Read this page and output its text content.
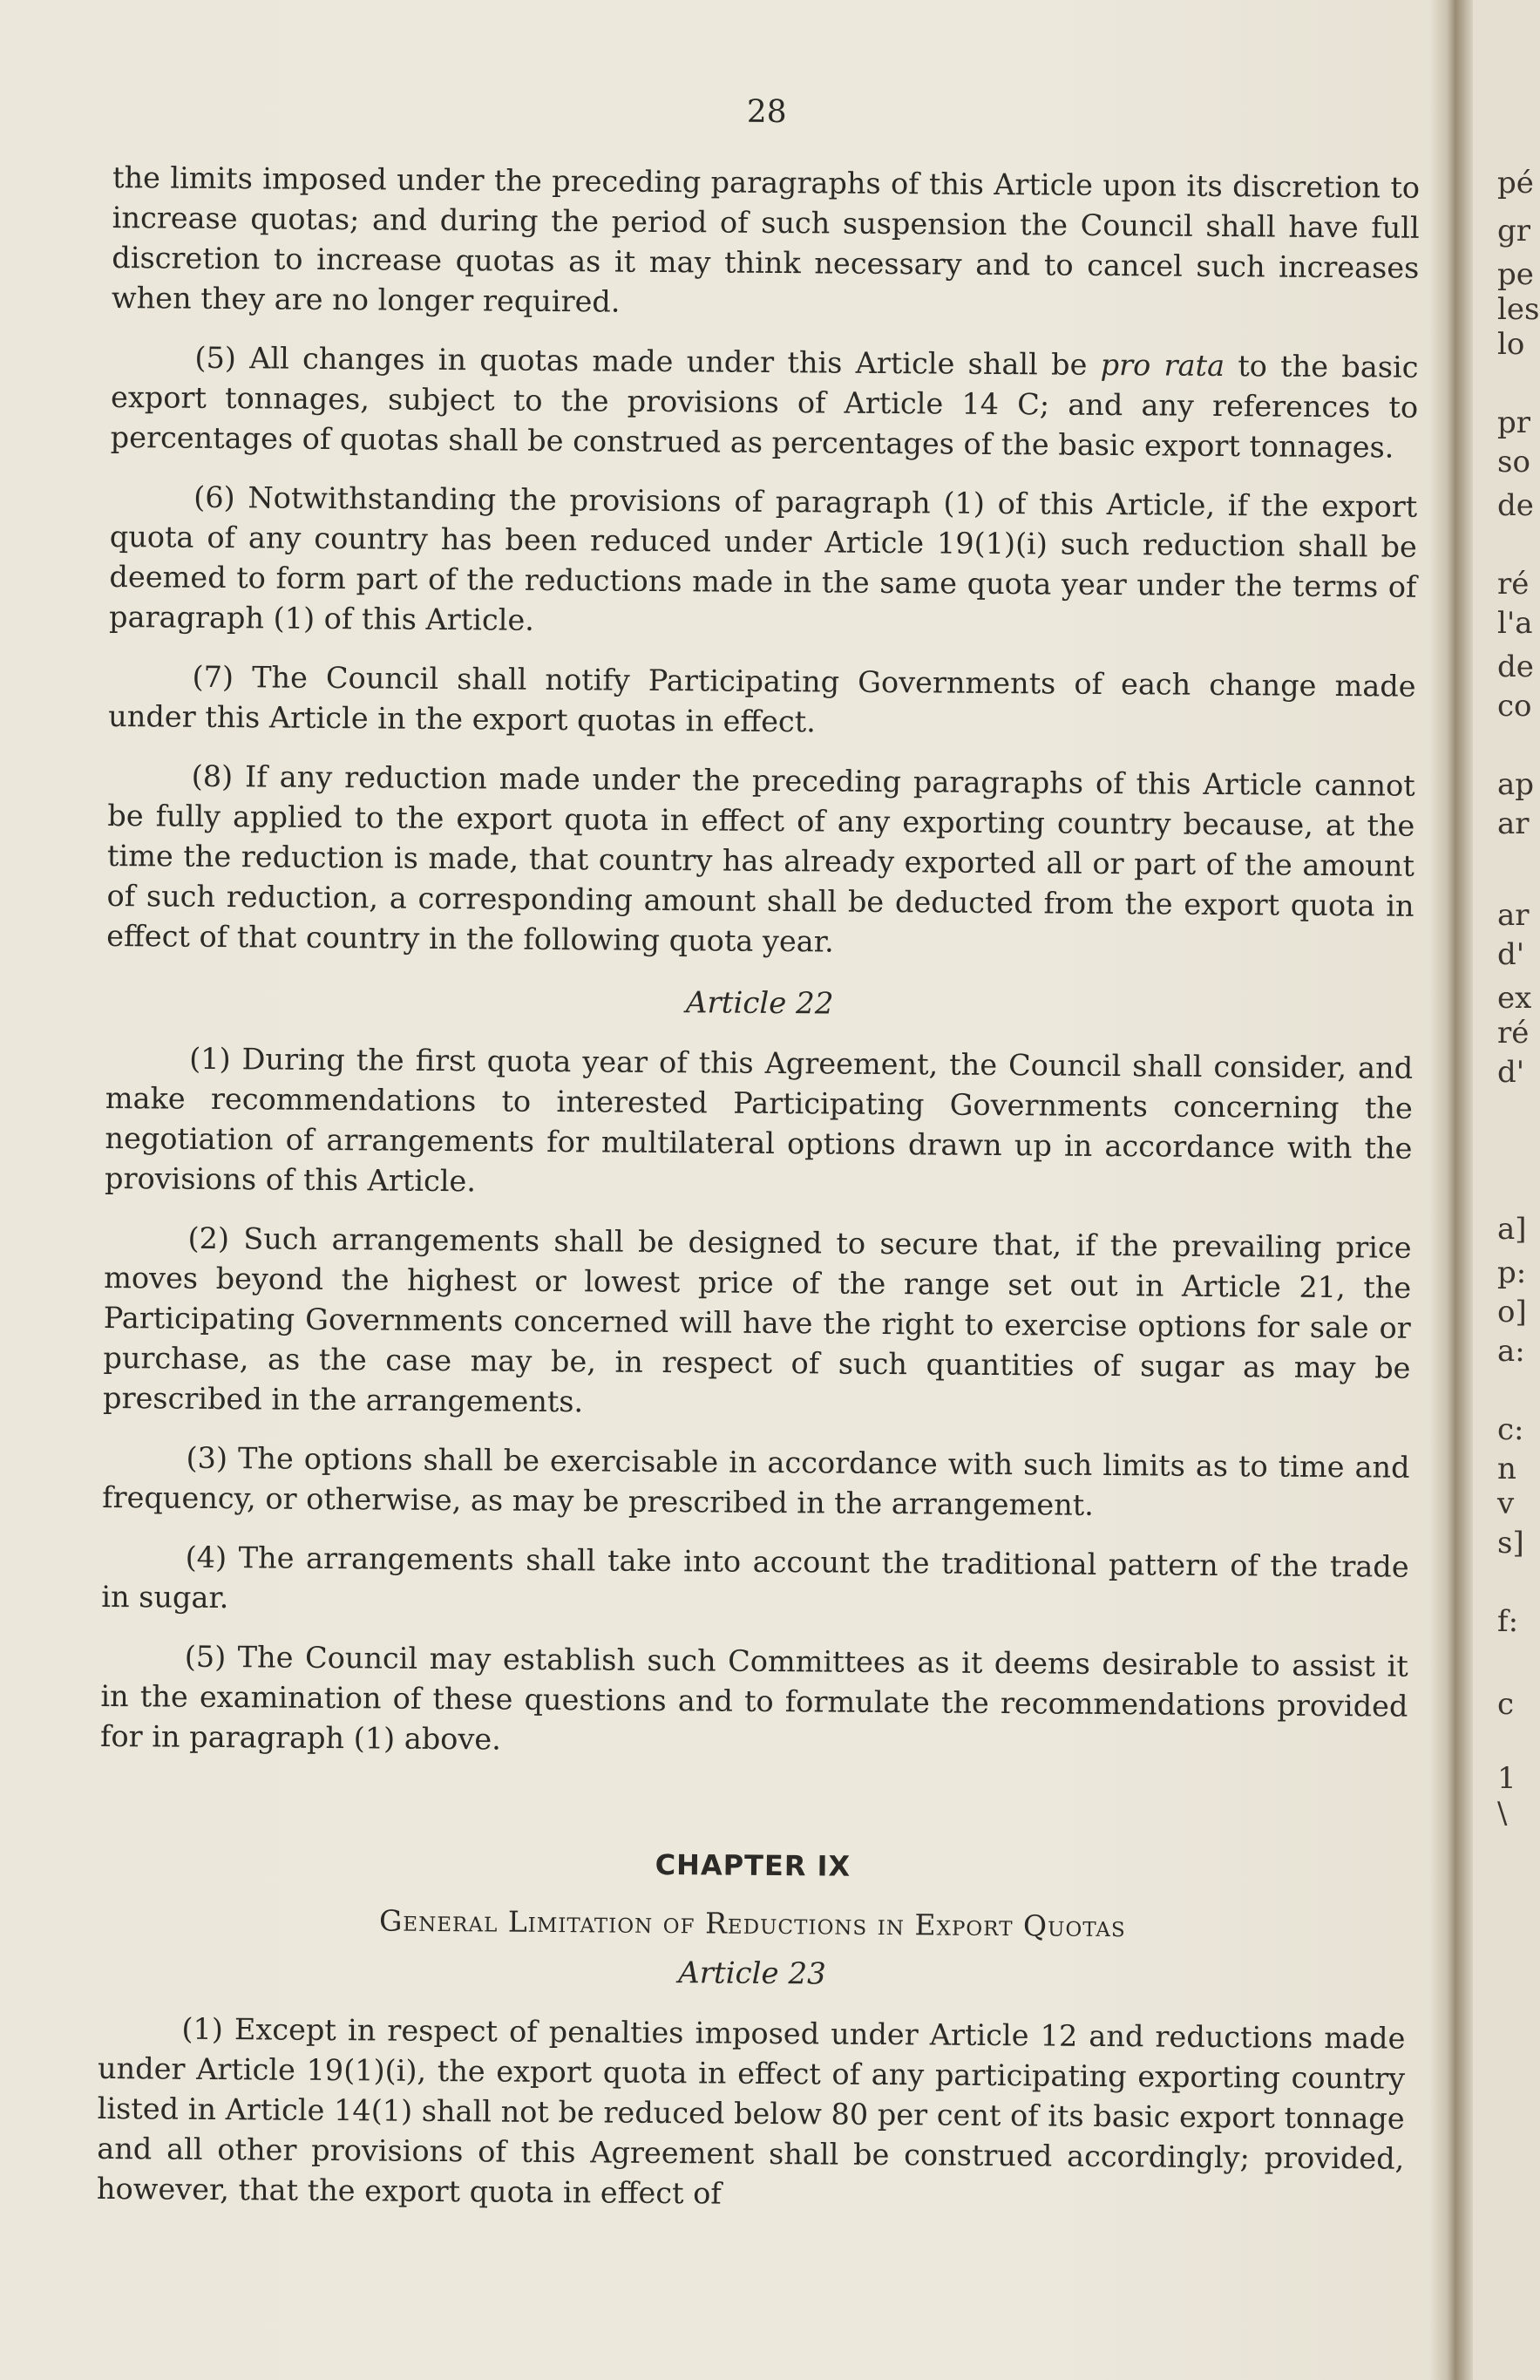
28

the limits imposed under the preceding paragraphs of this Article upon its discretion to increase quotas; and during the period of such suspension the Council shall have full discretion to increase quotas as it may think necessary and to cancel such increases when they are no longer required.

(5) All changes in quotas made under this Article shall be pro rata to the basic export tonnages, subject to the provisions of Article 14 C; and any references to percentages of quotas shall be construed as percentages of the basic export tonnages.

(6) Notwithstanding the provisions of paragraph (1) of this Article, if the export quota of any country has been reduced under Article 19(1)(i) such reduction shall be deemed to form part of the reductions made in the same quota year under the terms of paragraph (1) of this Article.

(7) The Council shall notify Participating Governments of each change made under this Article in the export quotas in effect.

(8) If any reduction made under the preceding paragraphs of this Article cannot be fully applied to the export quota in effect of any exporting country because, at the time the reduction is made, that country has already exported all or part of the amount of such reduction, a corresponding amount shall be deducted from the export quota in effect of that country in the following quota year.

Article 22

(1) During the first quota year of this Agreement, the Council shall consider, and make recommendations to interested Participating Governments concerning the negotiation of arrangements for multilateral options drawn up in accordance with the provisions of this Article.

(2) Such arrangements shall be designed to secure that, if the prevailing price moves beyond the highest or lowest price of the range set out in Article 21, the Participating Governments concerned will have the right to exercise options for sale or purchase, as the case may be, in respect of such quantities of sugar as may be prescribed in the arrangements.

(3) The options shall be exercisable in accordance with such limits as to time and frequency, or otherwise, as may be prescribed in the arrangement.

(4) The arrangements shall take into account the traditional pattern of the trade in sugar.

(5) The Council may establish such Committees as it deems desirable to assist it in the examination of these questions and to formulate the recommendations provided for in paragraph (1) above.

CHAPTER IX
General Limitation of Reductions in Export Quotas
Article 23

(1) Except in respect of penalties imposed under Article 12 and reductions made under Article 19(1)(i), the export quota in effect of any participating exporting country listed in Article 14(1) shall not be reduced below 80 per cent of its basic export tonnage and all other provisions of this Agreement shall be construed accordingly; provided, however, that the export quota in effect of

pé
gr
pe
les
lo
pr
so
de
ré
l'a
de
co
ap
ar
ar
d'
ex
ré
d'
a]
p:
o]
a:
c:
n
v
s]
f:
c
1
\
